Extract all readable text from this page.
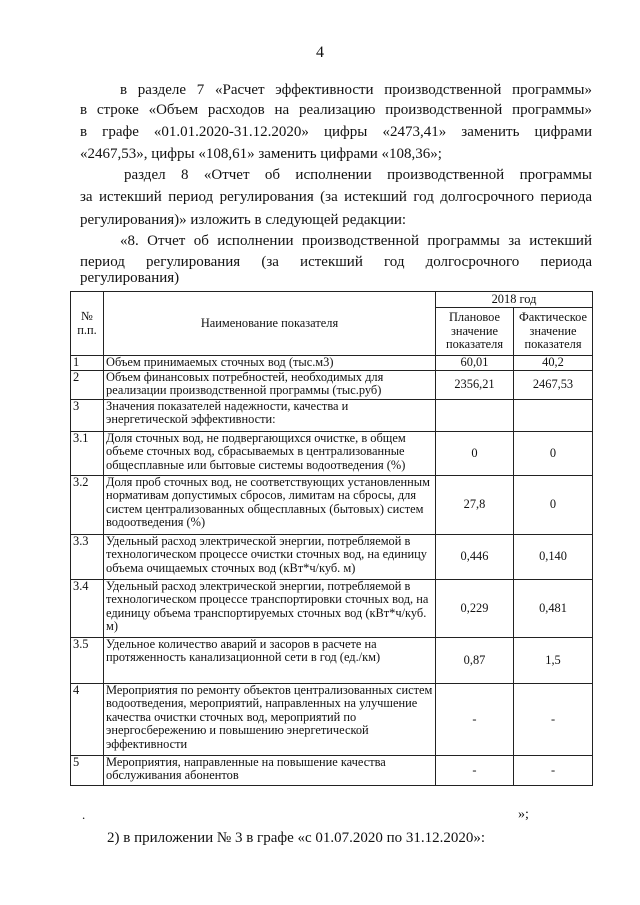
4
в разделе 7 «Расчет эффективности производственной программы»
в строке «Объем расходов на реализацию производственной программы»
в графе «01.01.2020-31.12.2020» цифры «2473,41» заменить цифрами
«2467,53», цифры «108,61» заменить цифрами «108,36»;
раздел 8 «Отчет об исполнении производственной программы
за истекший период регулирования (за истекший год долгосрочного периода
регулирования)» изложить в следующей редакции:
«8. Отчет об исполнении производственной программы за истекший
период регулирования (за истекший год долгосрочного периода
регулирования)
№ п.п.	Наименование показателя	2018 год	
		Плановое значение показателя	Фактическое значение показателя
1	Объем принимаемых сточных вод (тыс.м3)	60,01	40,2
2	Объем финансовых потребностей, необходимых для реализации производственной программы (тыс.руб)	2356,21	2467,53
3	Значения показателей надежности, качества и энергетической эффективности:		
3.1	Доля сточных вод, не подвергающихся очистке, в общем объеме сточных вод, сбрасываемых в централизованные общесплавные или бытовые системы водоотведения (%)	0	0
3.2	Доля проб сточных вод, не соответствующих установленным нормативам допустимых сбросов, лимитам на сбросы, для систем централизованных общесплавных (бытовых) систем водоотведения (%)	27,8	0
3.3	Удельный расход электрической энергии, потребляемой в технологическом процессе очистки сточных вод, на единицу объема очищаемых сточных вод (кВт*ч/куб. м)	0,446	0,140
3.4	Удельный расход электрической энергии, потребляемой в технологическом процессе транспортировки сточных вод, на единицу объема транспортируемых сточных вод (кВт*ч/куб. м)	0,229	0,481
3.5	Удельное количество аварий и засоров в расчете на протяженность канализационной сети в год (ед./км)	0,87	1,5
4	Мероприятия по ремонту объектов централизованных систем водоотведения, мероприятий, направленных на улучшение качества очистки сточных вод, мероприятий по энергосбережению и повышению энергетической эффективности	-	-
5	Мероприятия, направленные на повышение качества обслуживания абонентов	-	-
.	»;
2) в приложении № 3 в графе «с 01.07.2020 по 31.12.2020»:
